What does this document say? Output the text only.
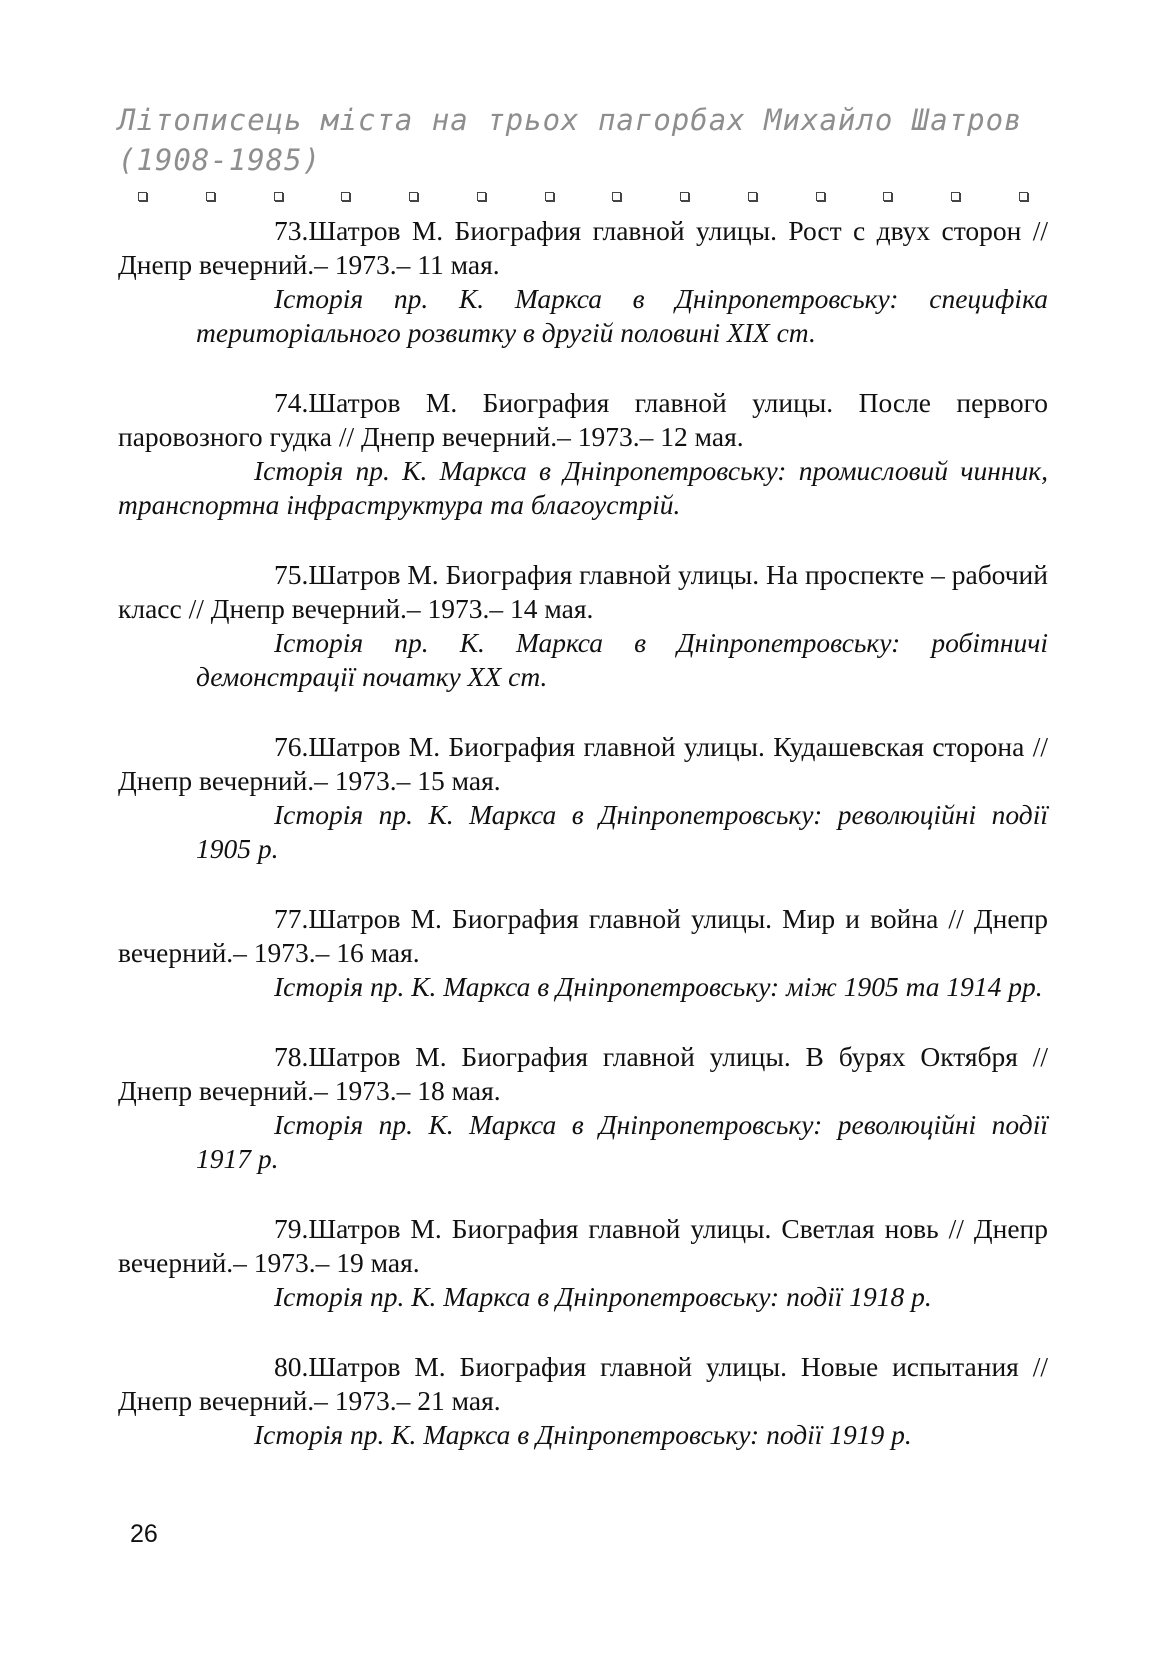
Літописець міста на трьох пагорбах Михайло Шатров (1908-1985)

73.Шатров М. Биография главной улицы. Рост с двух сторон // Днепр вечерний.– 1973.– 11 мая.

Історія пр. К. Маркса в Дніпропетровську: специфіка територіального розвитку в другій половині XIX ст.

74.Шатров М. Биография главной улицы. После первого паровозного гудка // Днепр вечерний.– 1973.– 12 мая.

Історія пр. К. Маркса в Дніпропетровську: промисловий чинник, транспортна інфраструктура та благоустрій.

75.Шатров М. Биография главной улицы. На проспекте – рабочий класс // Днепр вечерний.– 1973.– 14 мая.

Історія пр. К. Маркса в Дніпропетровську: робітничі демонстрації початку XX ст.

76.Шатров М. Биография главной улицы. Кудашевская сторона // Днепр вечерний.– 1973.– 15 мая.

Історія пр. К. Маркса в Дніпропетровську: революційні події 1905 р.

77.Шатров М. Биография главной улицы. Мир и война // Днепр вечерний.– 1973.– 16 мая.

Історія пр. К. Маркса в Дніпропетровську: між 1905 та 1914 рр.

78.Шатров М. Биография главной улицы. В бурях Октября // Днепр вечерний.– 1973.– 18 мая.

Історія пр. К. Маркса в Дніпропетровську: революційні події 1917 р.

79.Шатров М. Биография главной улицы. Светлая новь // Днепр вечерний.– 1973.– 19 мая.

Історія пр. К. Маркса в Дніпропетровську: події 1918 р.

80.Шатров М. Биография главной улицы. Новые испытания // Днепр вечерний.– 1973.– 21 мая.

Історія пр. К. Маркса в Дніпропетровську: події 1919 р.

26
